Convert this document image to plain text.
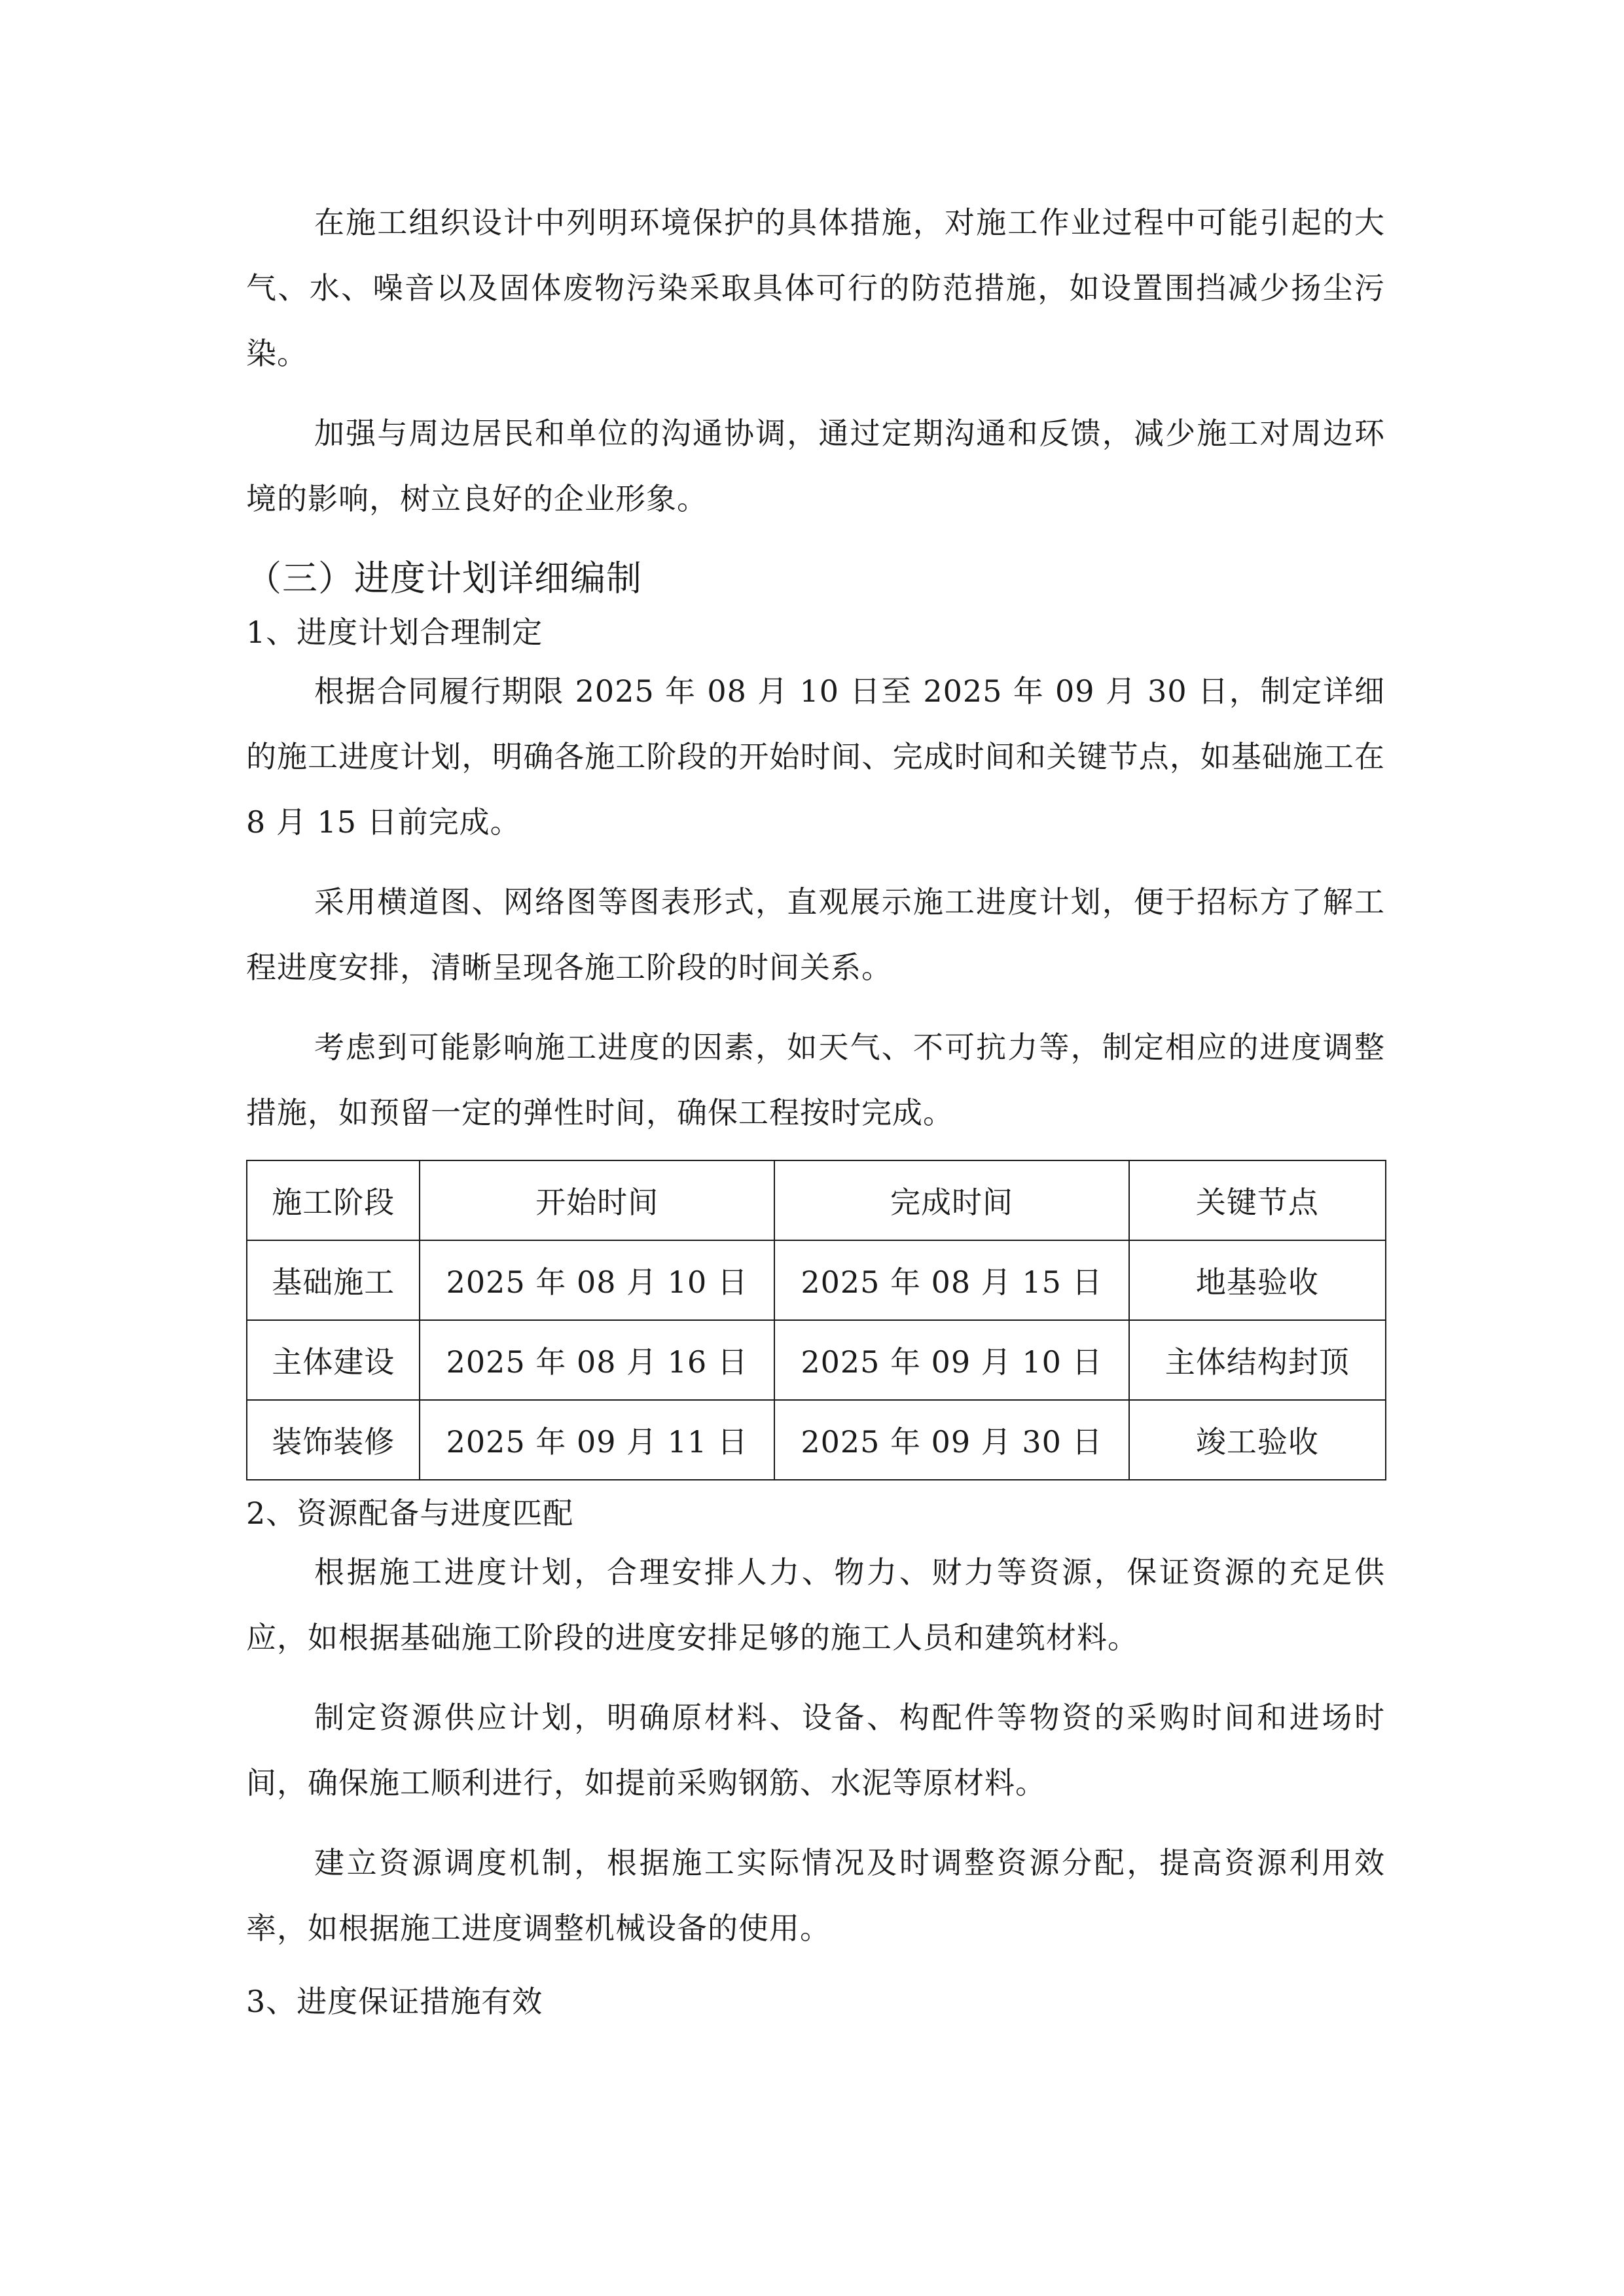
在施工组织设计中列明环境保护的具体措施，对施工作业过程中可能引起的大气、水、噪音以及固体废物污染采取具体可行的防范措施，如设置围挡减少扬尘污染。

加强与周边居民和单位的沟通协调，通过定期沟通和反馈，减少施工对周边环境的影响，树立良好的企业形象。

（三）进度计划详细编制
1、进度计划合理制定

根据合同履行期限 2025 年 08 月 10 日至 2025 年 09 月 30 日，制定详细的施工进度计划，明确各施工阶段的开始时间、完成时间和关键节点，如基础施工在 8 月 15 日前完成。

采用横道图、网络图等图表形式，直观展示施工进度计划，便于招标方了解工程进度安排，清晰呈现各施工阶段的时间关系。

考虑到可能影响施工进度的因素，如天气、不可抗力等，制定相应的进度调整措施，如预留一定的弹性时间，确保工程按时完成。

施工阶段	开始时间	完成时间	关键节点
基础施工	2025 年 08 月 10 日	2025 年 08 月 15 日	地基验收
主体建设	2025 年 08 月 16 日	2025 年 09 月 10 日	主体结构封顶
装饰装修	2025 年 09 月 11 日	2025 年 09 月 30 日	竣工验收
2、资源配备与进度匹配

根据施工进度计划，合理安排人力、物力、财力等资源，保证资源的充足供应，如根据基础施工阶段的进度安排足够的施工人员和建筑材料。

制定资源供应计划，明确原材料、设备、构配件等物资的采购时间和进场时间，确保施工顺利进行，如提前采购钢筋、水泥等原材料。

建立资源调度机制，根据施工实际情况及时调整资源分配，提高资源利用效率，如根据施工进度调整机械设备的使用。

3、进度保证措施有效
